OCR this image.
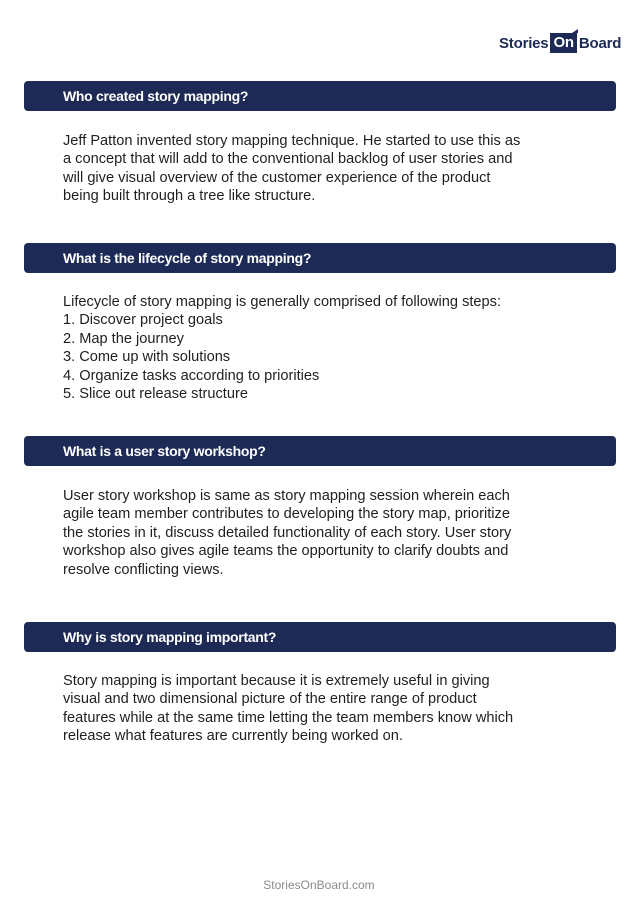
Stories On Board
Who created story mapping?

Jeff Patton invented story mapping technique. He started to use this as
a concept that will add to the conventional backlog of user stories and
will give visual overview of the customer experience of the product
being built through a tree like structure.

What is the lifecycle of story mapping?

Lifecycle of story mapping is generally comprised of following steps:
1. Discover project goals
2. Map the journey
3. Come up with solutions
4. Organize tasks according to priorities
5. Slice out release structure

What is a user story workshop?

User story workshop is same as story mapping session wherein each
agile team member contributes to developing the story map, prioritize
the stories in it, discuss detailed functionality of each story. User story
workshop also gives agile teams the opportunity to clarify doubts and
resolve conflicting views.

Why is story mapping important?

Story mapping is important because it is extremely useful in giving
visual and two dimensional picture of the entire range of product
features while at the same time letting the team members know which
release what features are currently being worked on.

StoriesOnBoard.com
